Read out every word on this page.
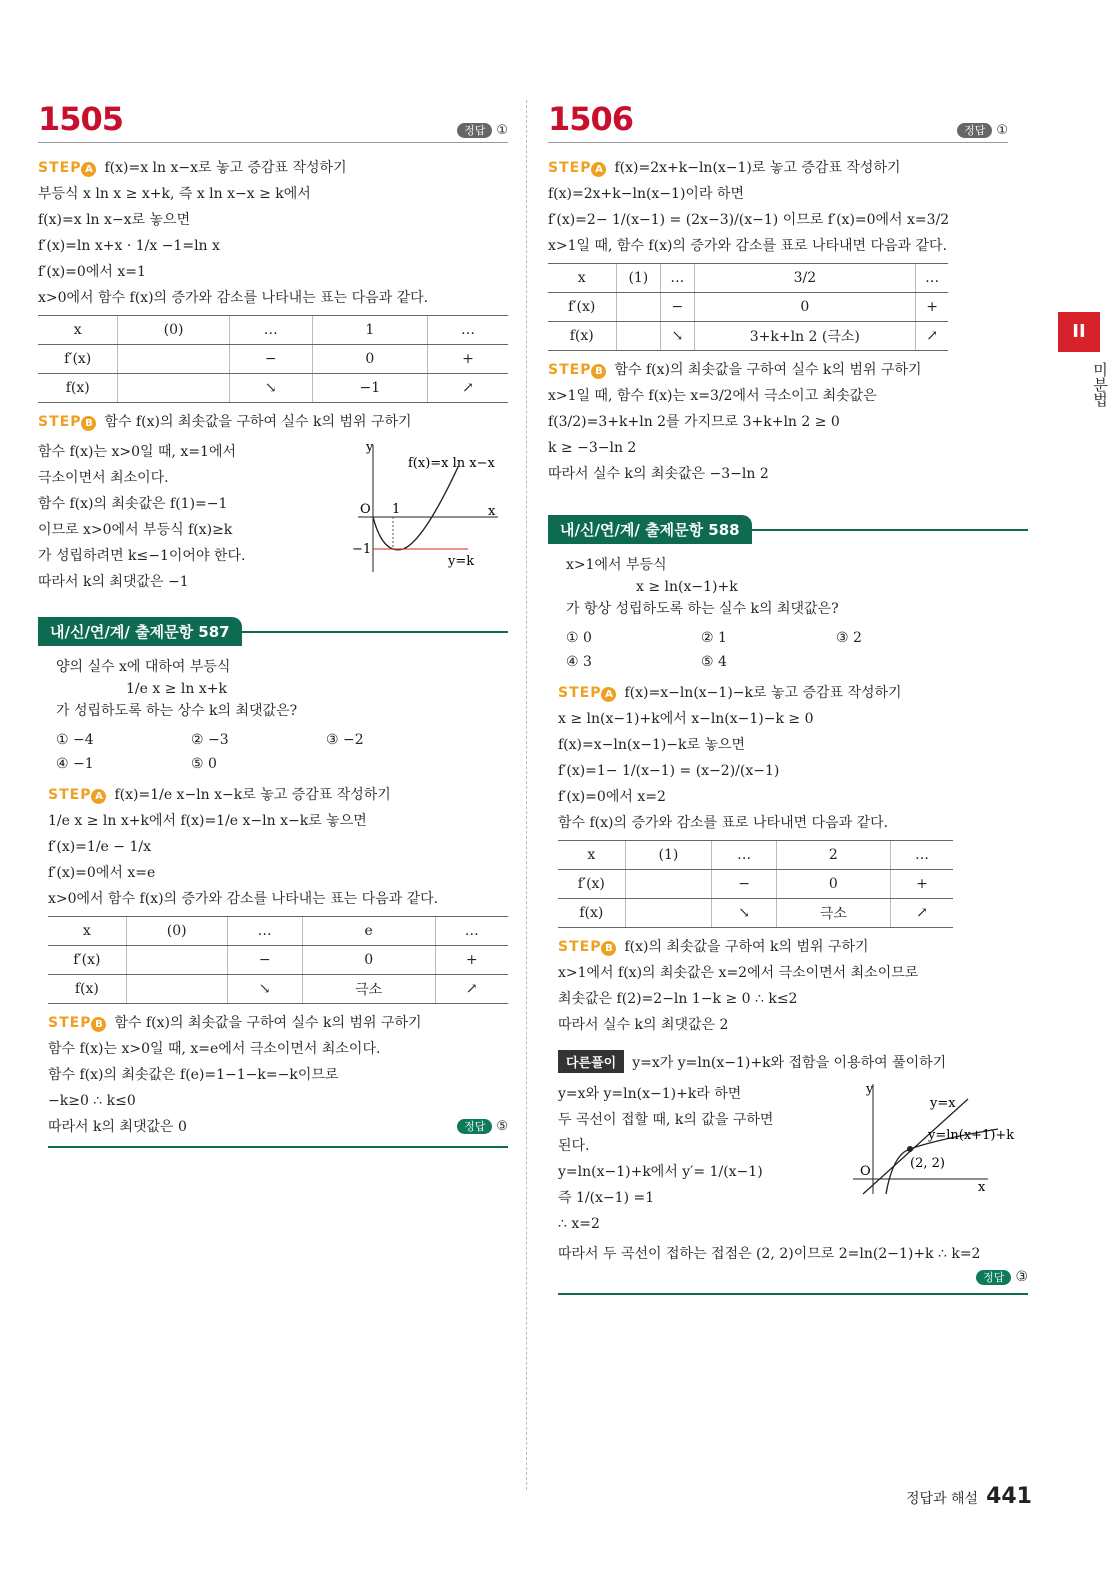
1505	정답 ①
STEP A f(x)=x ln x−x로 놓고 증감표 작성하기
부등식 x ln x ≥ x+k, 즉 x ln x−x ≥ k에서
f(x)=x ln x−x로 놓으면
f′(x)=ln x+x · 1/x −1=ln x
f′(x)=0에서 x=1
x>0에서 함수 f(x)의 증가와 감소를 나타내는 표는 다음과 같다.
x	(0)	…	1	…
f′(x)		−	0	+
f(x)		↘	−1	↗
STEP B 함수 f(x)의 최솟값을 구하여 실수 k의 범위 구하기
함수 f(x)는 x>0일 때, x=1에서
극소이면서 최소이다.
함수 f(x)의 최솟값은 f(1)=−1
이므로 x>0에서 부등식 f(x)≥k
가 성립하려면 k≤−1이어야 한다.
따라서 k의 최댓값은 −1
y
x
O 1
−1
f(x)=x ln x−x
y=k
내/신/연/계/ 출제문항 587
양의 실수 x에 대하여 부등식
1/e x ≥ ln x+k
가 성립하도록 하는 상수 k의 최댓값은?
① −4	② −3	③ −2
④ −1	⑤ 0
STEP A f(x)=1/e x−ln x−k로 놓고 증감표 작성하기
1/e x ≥ ln x+k에서 f(x)=1/e x−ln x−k로 놓으면
f′(x)=1/e − 1/x
f′(x)=0에서 x=e
x>0에서 함수 f(x)의 증가와 감소를 나타내는 표는 다음과 같다.
x	(0)	…	e	…
f′(x)		−	0	+
f(x)		↘	극소	↗
STEP B 함수 f(x)의 최솟값을 구하여 실수 k의 범위 구하기
함수 f(x)는 x>0일 때, x=e에서 극소이면서 최소이다.
함수 f(x)의 최솟값은 f(e)=1−1−k=−k이므로
−k≥0 ∴ k≤0
따라서 k의 최댓값은 0	정답 ⑤
1506	정답 ①
STEP A f(x)=2x+k−ln(x−1)로 놓고 증감표 작성하기
f(x)=2x+k−ln(x−1)이라 하면
f′(x)=2− 1/(x−1) = (2x−3)/(x−1) 이므로 f′(x)=0에서 x=3/2
x>1일 때, 함수 f(x)의 증가와 감소를 표로 나타내면 다음과 같다.
x	(1)	…	3/2	…
f′(x)		−	0	+
f(x)		↘	3+k+ln 2 (극소)	↗
STEP B 함수 f(x)의 최솟값을 구하여 실수 k의 범위 구하기
x>1일 때, 함수 f(x)는 x=3/2에서 극소이고 최솟값은
f(3/2)=3+k+ln 2를 가지므로 3+k+ln 2 ≥ 0
k ≥ −3−ln 2
따라서 실수 k의 최솟값은 −3−ln 2
내/신/연/계/ 출제문항 588
x>1에서 부등식
x ≥ ln(x−1)+k
가 항상 성립하도록 하는 실수 k의 최댓값은?
① 0	② 1	③ 2
④ 3	⑤ 4
STEP A f(x)=x−ln(x−1)−k로 놓고 증감표 작성하기
x ≥ ln(x−1)+k에서 x−ln(x−1)−k ≥ 0
f(x)=x−ln(x−1)−k로 놓으면
f′(x)=1− 1/(x−1) = (x−2)/(x−1)
f′(x)=0에서 x=2
함수 f(x)의 증가와 감소를 표로 나타내면 다음과 같다.
x	(1)	…	2	…
f′(x)		−	0	+
f(x)		↘	극소	↗
STEP B f(x)의 최솟값을 구하여 k의 범위 구하기
x>1에서 f(x)의 최솟값은 x=2에서 극소이면서 최소이므로
최솟값은 f(2)=2−ln 1−k ≥ 0 ∴ k≤2
따라서 실수 k의 최댓값은 2
다른풀이	y=x가 y=ln(x−1)+k와 접함을 이용하여 풀이하기
y=x와 y=ln(x−1)+k라 하면
두 곡선이 접할 때, k의 값을 구하면
된다.
y=ln(x−1)+k에서 y′= 1/(x−1)
즉 1/(x−1) =1
∴ x=2
y
x
O
y=x
y=ln(x+1)+k
(2, 2)
따라서 두 곡선이 접하는 접점은 (2, 2)이므로 2=ln(2−1)+k ∴ k=2
정답 ③
II
미분법
정답과 해설 441
